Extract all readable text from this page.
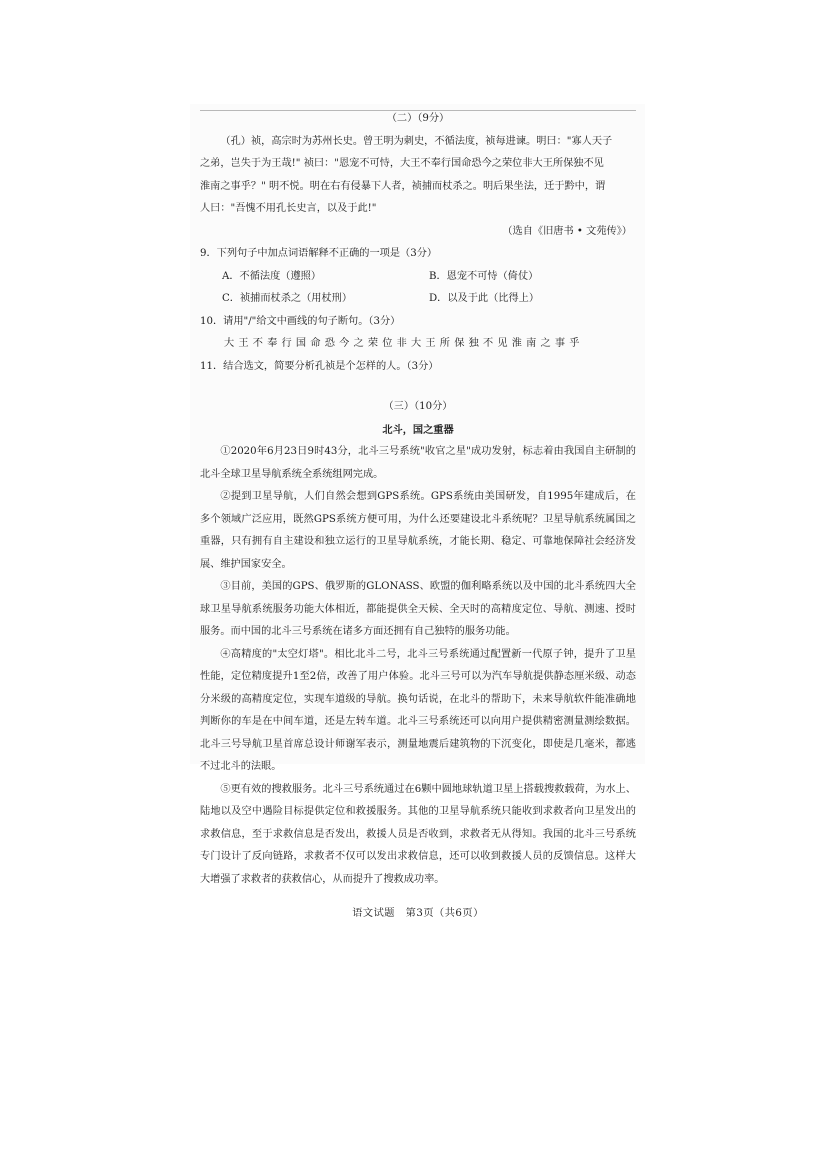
（二）（9分）

（孔）祯，高宗时为苏州长史。曾王明为刺史，不循法度，祯每进谏。明曰："寡人天子

之弟，岂失于为王哉!" 祯曰："恩宠不可恃，大王不奉行国命恐今之荣位非大王所保独不见

淮南之事乎？" 明不悦。明在右有侵暴下人者，祯捕而杖杀之。明后果坐法，迁于黔中，谓

人曰："吾愧不用孔长史言，以及于此!"

（选自《旧唐书 • 文苑传》）

9．下列句子中加点词语解释不正确的一项是（3分）

A．不循法度（遵照）	B．恩宠不可恃（倚仗）
C．祯捕而杖杀之（用杖刑）	D．以及于此（比得上）

10．请用"/"给文中画线的句子断句。（3分）

大王不奉行国命恐今之荣位非大王所保独不见淮南之事乎

11．结合选文，简要分析孔祯是个怎样的人。（3分）

（三）（10分）

北斗，国之重器

①2020年6月23日9时43分，北斗三号系统"收官之星"成功发射，标志着由我国自主研制的北斗全球卫星导航系统全系统组网完成。

②提到卫星导航，人们自然会想到GPS系统。GPS系统由美国研发，自1995年建成后，在多个领域广泛应用，既然GPS系统方便可用，为什么还要建设北斗系统呢？卫星导航系统属国之重器，只有拥有自主建设和独立运行的卫星导航系统，才能长期、稳定、可靠地保障社会经济发展、维护国家安全。

③目前，美国的GPS、俄罗斯的GLONASS、欧盟的伽利略系统以及中国的北斗系统四大全球卫星导航系统服务功能大体相近，都能提供全天候、全天时的高精度定位、导航、测速、授时服务。而中国的北斗三号系统在诸多方面还拥有自己独特的服务功能。

④高精度的"太空灯塔"。相比北斗二号，北斗三号系统通过配置新一代原子钟，提升了卫星性能，定位精度提升1至2倍，改善了用户体验。北斗三号可以为汽车导航提供静态厘米级、动态分米级的高精度定位，实现车道级的导航。换句话说，在北斗的帮助下，未来导航软件能准确地判断你的车是在中间车道，还是左转车道。北斗三号系统还可以向用户提供精密测量测绘数据。北斗三号导航卫星首席总设计师谢军表示，测量地震后建筑物的下沉变化，即使是几毫米，都逃不过北斗的法眼。

⑤更有效的搜救服务。北斗三号系统通过在6颗中圆地球轨道卫星上搭载搜救载荷，为水上、陆地以及空中遇险目标提供定位和救援服务。其他的卫星导航系统只能收到求救者向卫星发出的求救信息，至于求救信息是否发出，救援人员是否收到，求救者无从得知。我国的北斗三号系统专门设计了反向链路，求救者不仅可以发出求救信息，还可以收到救援人员的反馈信息。这样大大增强了求救者的获救信心，从而提升了搜救成功率。

语文试题　第3页（共6页）
